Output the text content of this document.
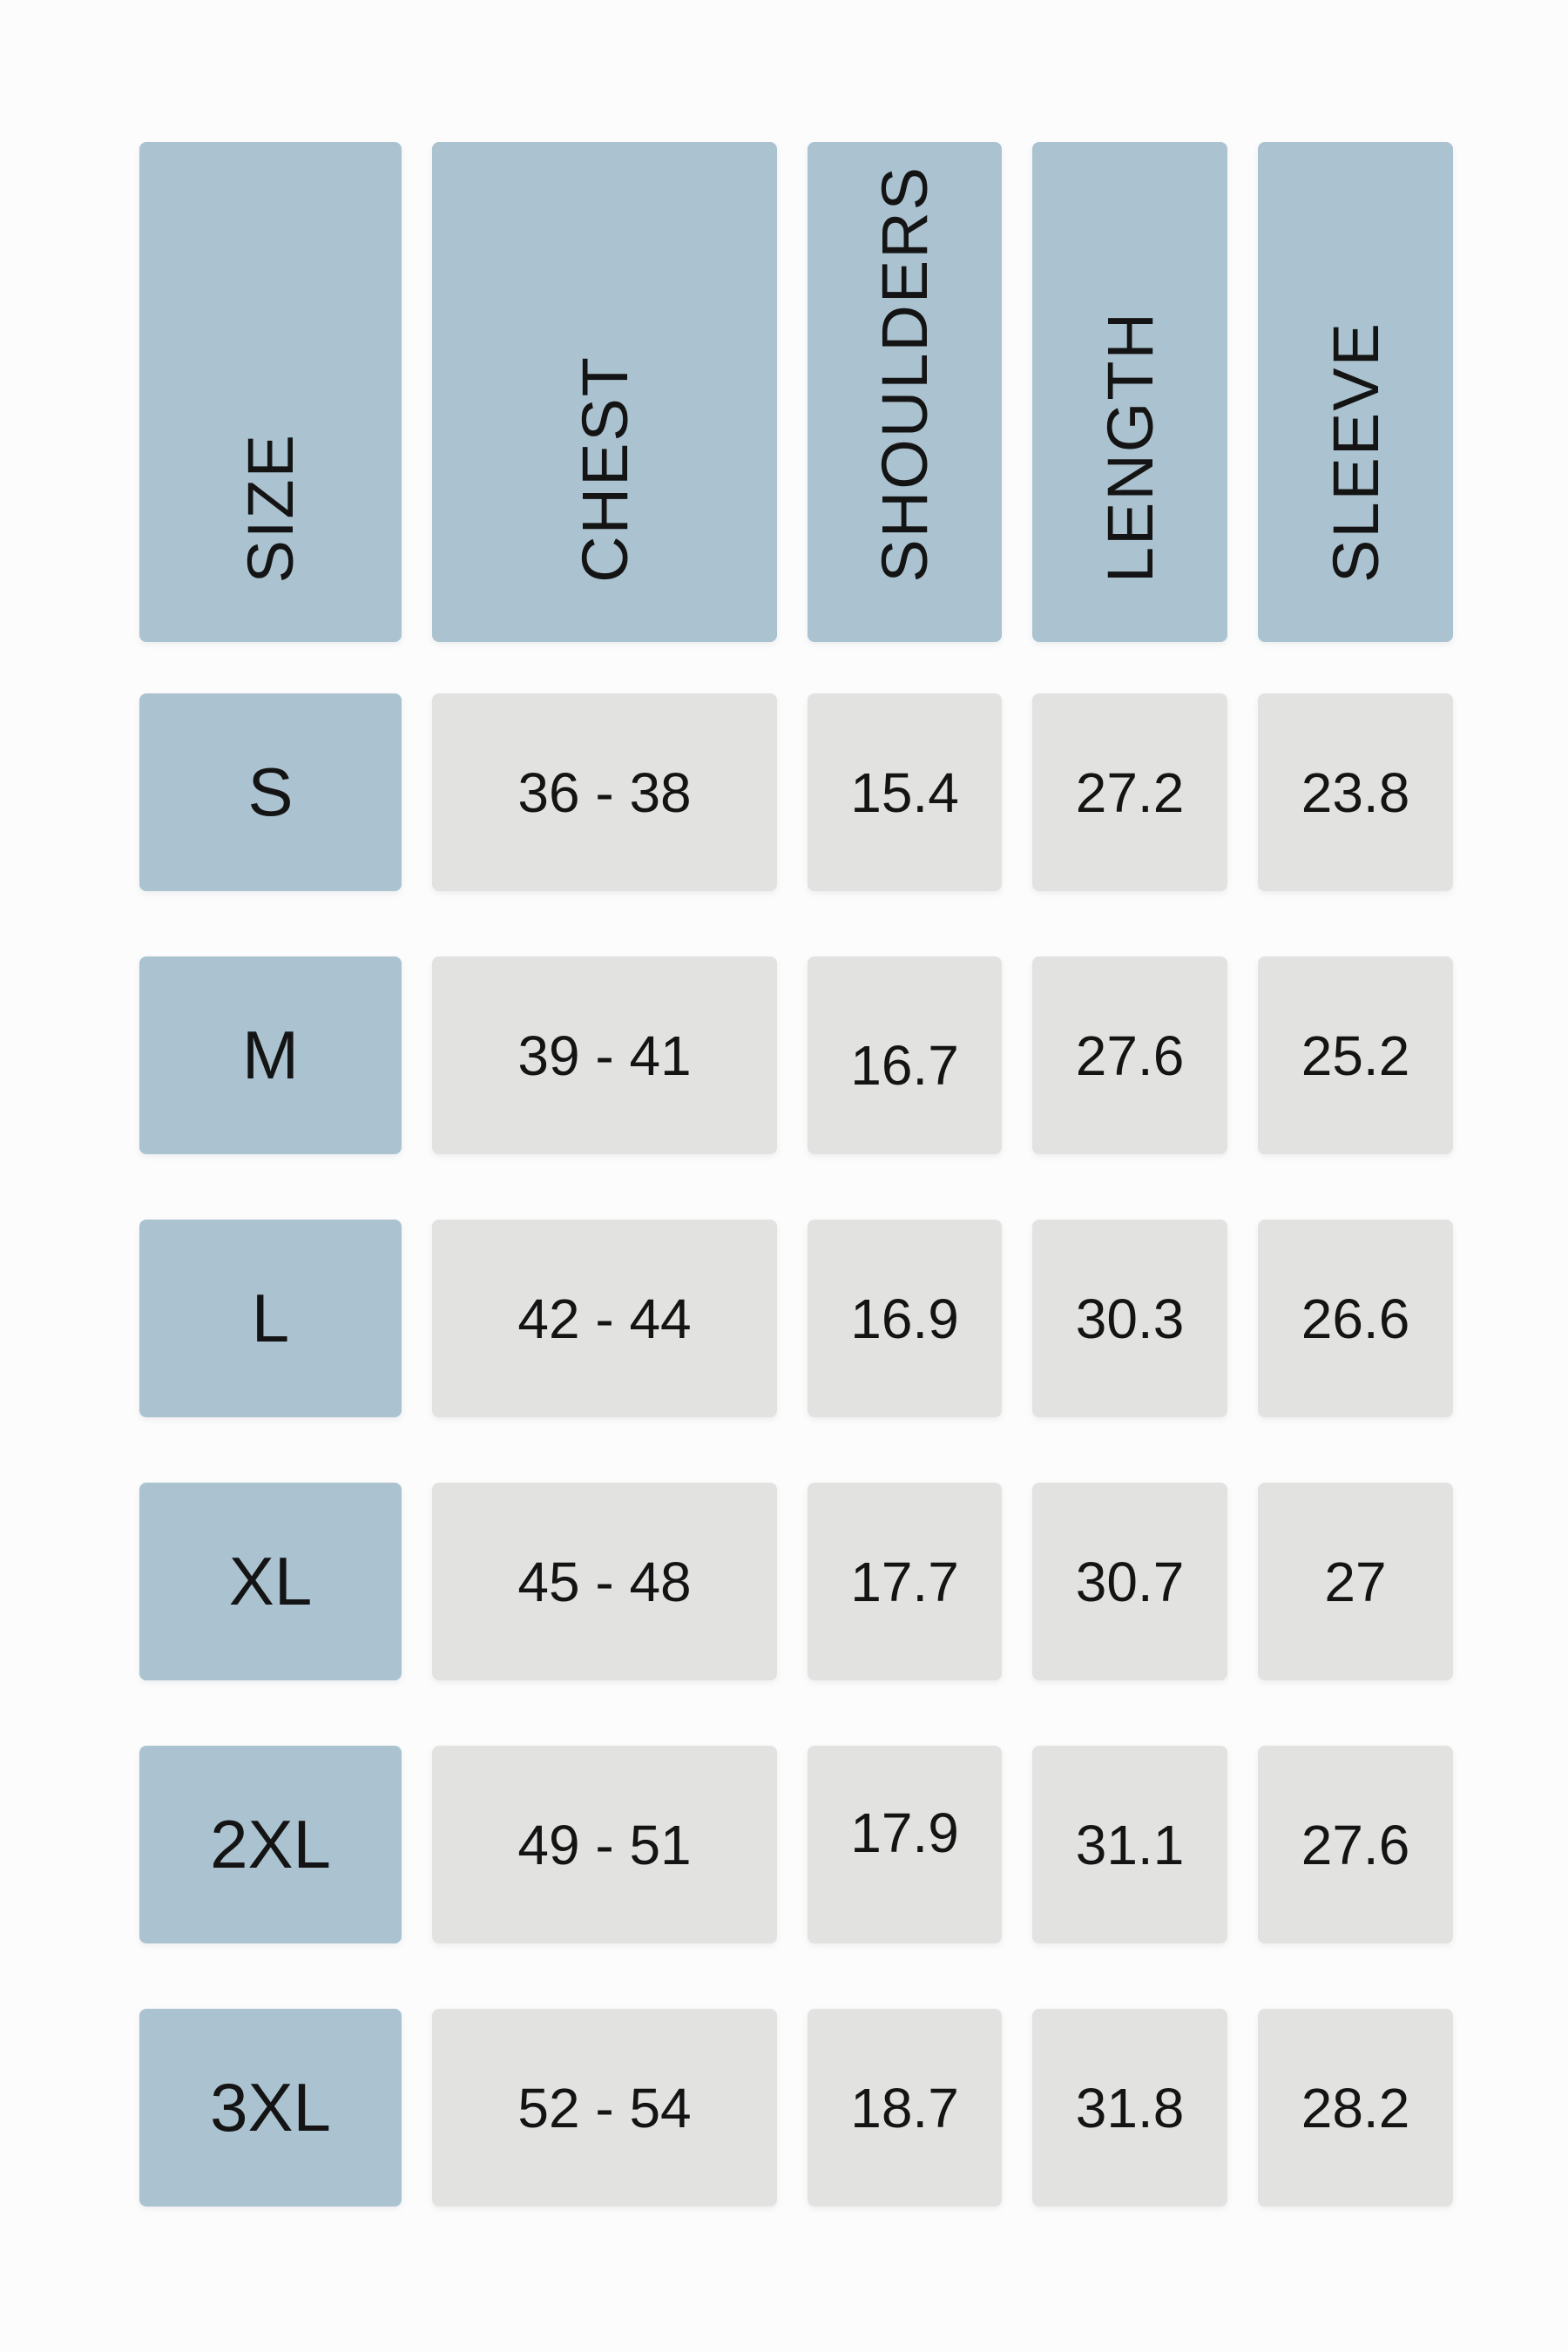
SIZE	CHEST	SHOULDERS LENGTH SLEEVE
S	36 - 38	15.4 27.2 23.8
M	39 - 41	16.7 27.6 25.2
L	42 - 44	16.9 30.3 26.6
XL	45 - 48	17.7 30.7	27
2XL	49 - 51	17.9 31.1 27.6
3XL	52 - 54	18.7 31.8 28.2
